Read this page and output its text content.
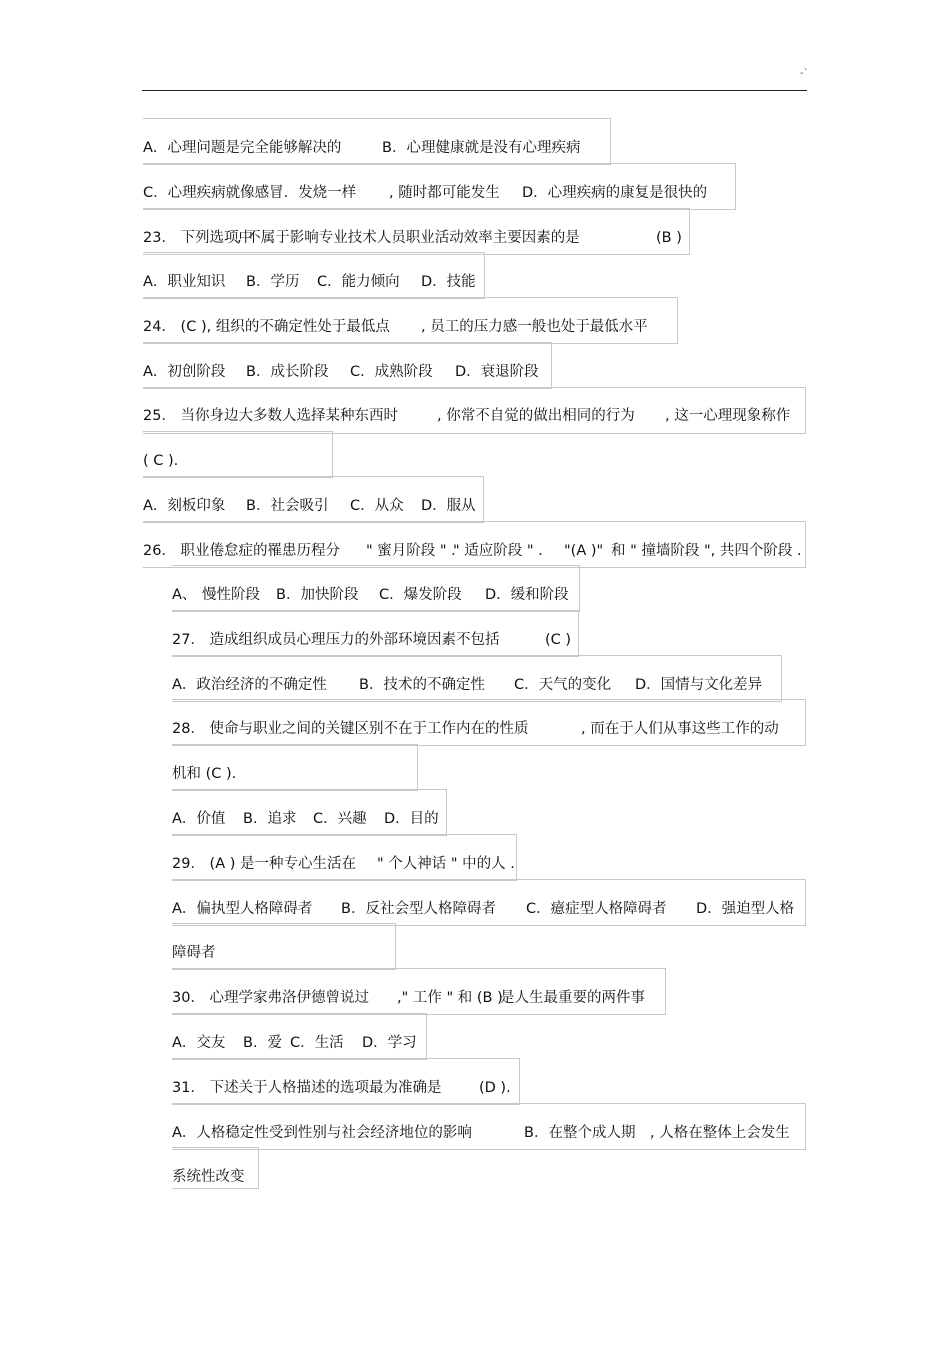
-`
A．心理问题是完全能够解决的	B．心理健康就是没有心理疾病
C．心理疾病就像感冒．发烧一样 , 随时都可能发生 D．心理疾病的康复是很快的
23． 下列选项中
, 不属于影响专业技术人员职业活动效率主要因素的是	(B )
A．职业知识 B．学历 C．能力倾向 D．技能
24． (C ), 组织的不确定性处于最低点 , 员工的压力感一般也处于最低水平
A．初创阶段 B．成长阶段 C．成熟阶段 D．衰退阶段
25． 当你身边大多数人选择某种东西时	, 你常不自觉的做出相同的行为 , 这一心理现象称作
( C ).
A．刻板印象 B．社会吸引 C．从众 D．服从
26． 职业倦怠症的罹患历程分 " 蜜月阶段 " ．
" 适应阶段 " ． "(A )" 和 " 撞墙阶段 ", 共四个阶段 .
A、 慢性阶段 B．加快阶段 C．爆发阶段 D．缓和阶段
27． 造成组织成员心理压力的外部环境因素不包括	(C )
A．政治经济的不确定性 B．技术的不确定性 C．天气的变化 D．国情与文化差异
28． 使命与职业之间的关键区别不在于工作内在的性质	, 而在于人们从事这些工作的动
机和 (C ).
A．价值 B．追求 C．兴趣 D．目的
29． (A ) 是一种专心生活在 " 个人神话 " 中的人 .
A．偏执型人格障碍者 B．反社会型人格障碍者 C．癔症型人格障碍者 D．强迫型人格
障碍者
30． 心理学家弗洛伊德曾说过 ," 工作 " 和 (B )
是人生最重要的两件事
A．交友 B．爱 C．生活 D．学习
31． 下述关于人格描述的选项最为准确是	(D ).
A．人格稳定性受到性别与社会经济地位的影响	B．在整个成人期 , 人格在整体上会发生
系统性改变
